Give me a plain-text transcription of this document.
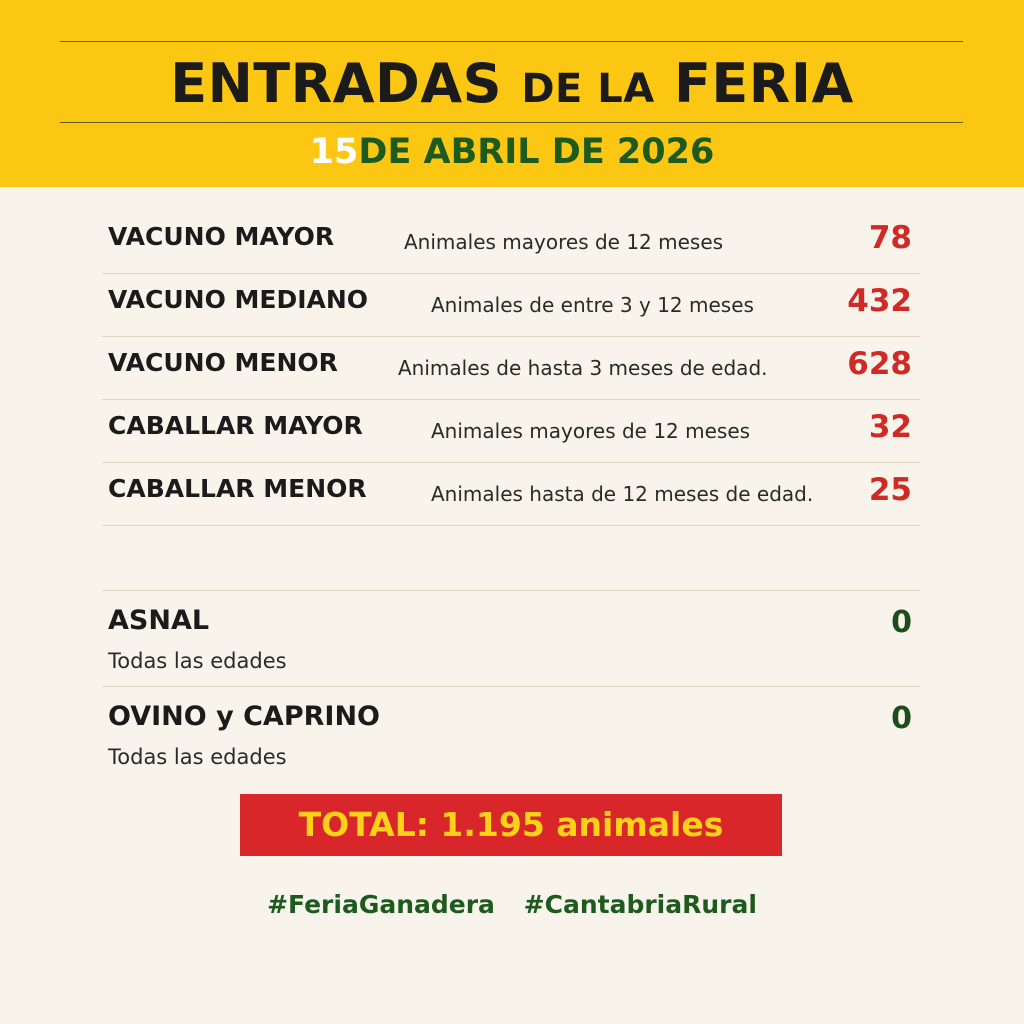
ENTRADAS DE LA FERIA
15DE ABRIL DE 2026
VACUNO MAYOR	Animales mayores de 12 meses	78
VACUNO MEDIANO	Animales de entre 3 y 12 meses	432
VACUNO MENOR	Animales de hasta 3 meses de edad.	628
CABALLAR MAYOR	Animales mayores de 12 meses	32
CABALLAR MENOR	Animales hasta de 12 meses de edad. 25
ASNAL
Todas las edades
0
OVINO y CAPRINO
Todas las edades
0
TOTAL: 1.195 animales
#FeriaGanadera #CantabriaRural
